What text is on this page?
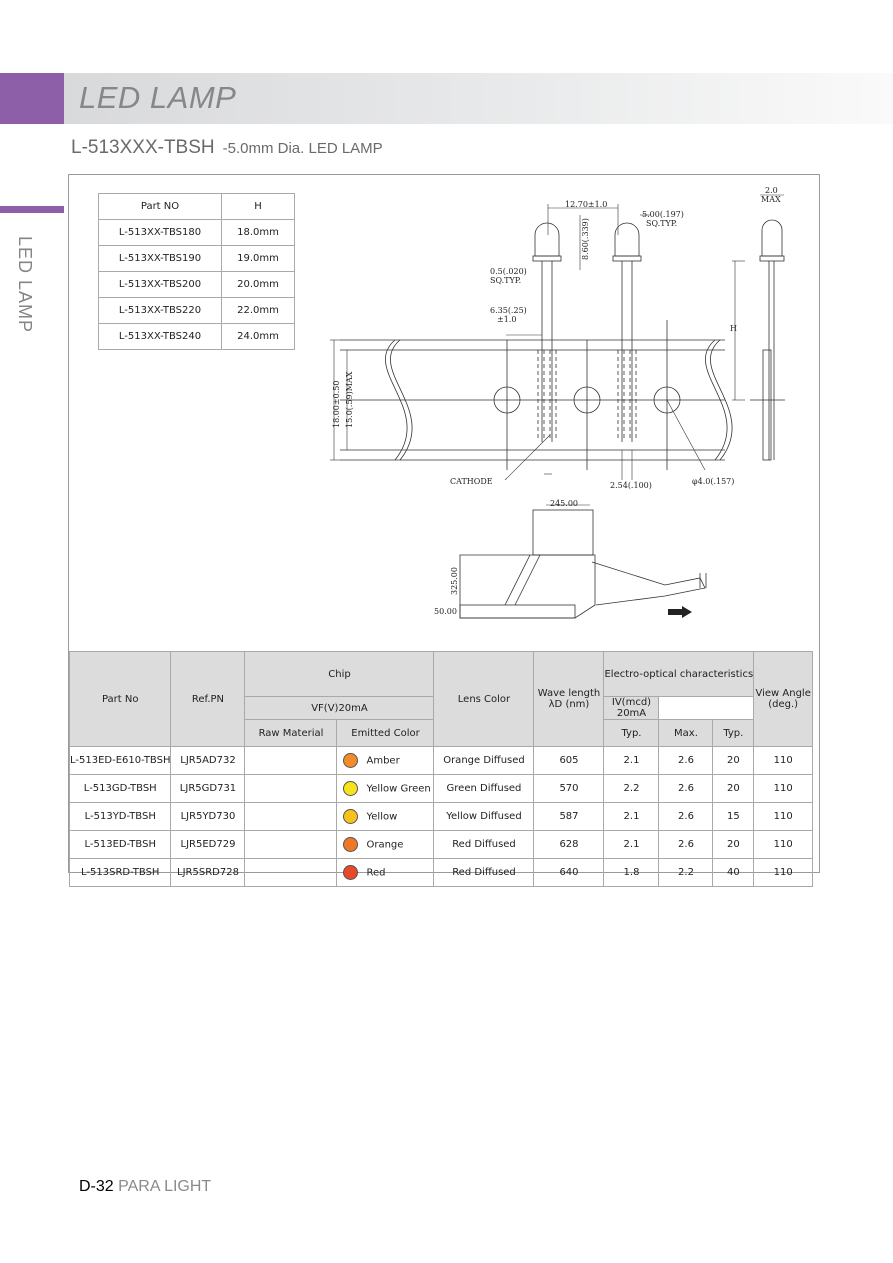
LED LAMP
LED LAMP
L-513XXX-TBSH -5.0mm Dia. LED LAMP
Part NO	H
L-513XX-TBS180	18.0mm
L-513XX-TBS190	19.0mm
L-513XX-TBS200	20.0mm
L-513XX-TBS220	22.0mm
L-513XX-TBS240	24.0mm
12.70±1.0
5.00(.197)
SQ.TYP.
8.60(.339)
0.5(.020)
SQ.TYP.
6.35(.25)
±1.0
2.0
MAX
H
18.00±0.50 15.0(.59)MAX
CATHODE	2.54(.100)	φ4.0(.157)
245.00
325.00
50.00
Part No	Ref.PN	Chip		Lens Color	Wave length λD (nm)	Electro-optical characteristics			View Angle (deg.)
		VF(V)20mA				IV(mcd) 20mA			
		Raw Material	Emitted Color			Typ.	Max.	Typ.	
L-513ED-E610-TBSH	LJR5AD732		Amber	Orange Diffused	605	2.1	2.6	20	110
L-513GD-TBSH	LJR5GD731		Yellow Green	Green Diffused	570	2.2	2.6	20	110
L-513YD-TBSH	LJR5YD730		Yellow	Yellow Diffused	587	2.1	2.6	15	110
L-513ED-TBSH	LJR5ED729		Orange	Red Diffused	628	2.1	2.6	20	110
L-513SRD-TBSH	LJR5SRD728		Red	Red Diffused	640	1.8	2.2	40	110
D-32 PARA LIGHT
